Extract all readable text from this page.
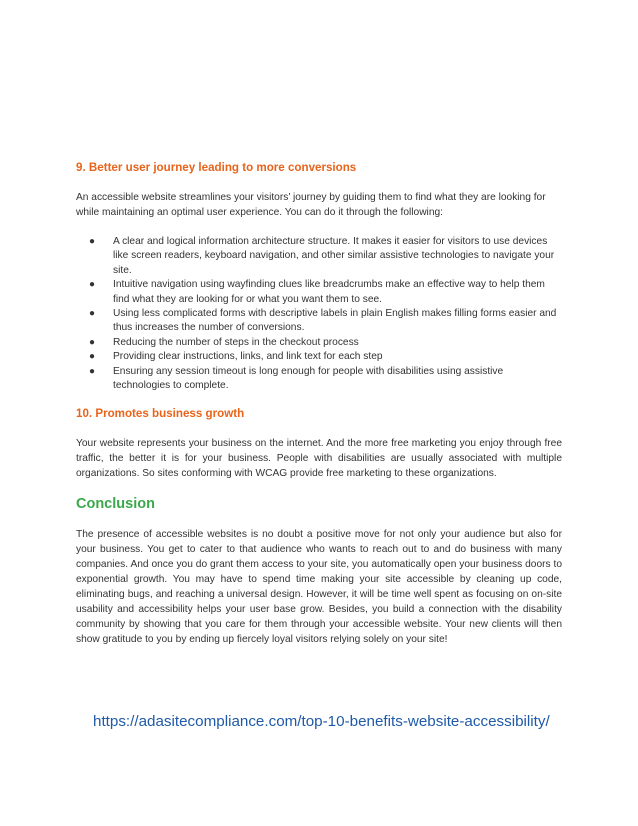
9. Better user journey leading to more conversions

An accessible website streamlines your visitors’ journey by guiding them to find what they are looking for while maintaining an optimal user experience. You can do it through the following:

● A clear and logical information architecture structure. It makes it easier for visitors to use devices like screen readers, keyboard navigation, and other similar assistive technologies to navigate your site.
● Intuitive navigation using wayfinding clues like breadcrumbs make an effective way to help them find what they are looking for or what you want them to see.
● Using less complicated forms with descriptive labels in plain English makes filling forms easier and thus increases the number of conversions.
● Reducing the number of steps in the checkout process
● Providing clear instructions, links, and link text for each step
● Ensuring any session timeout is long enough for people with disabilities using assistive technologies to complete.
10. Promotes business growth

Your website represents your business on the internet. And the more free marketing you enjoy through free traffic, the better it is for your business. People with disabilities are usually associated with multiple organizations. So sites conforming with WCAG provide free marketing to these organizations.

Conclusion

The presence of accessible websites is no doubt a positive move for not only your audience but also for your business. You get to cater to that audience who wants to reach out to and do business with many companies. And once you do grant them access to your site, you automatically open your business doors to exponential growth. You may have to spend time making your site accessible by cleaning up code, eliminating bugs, and reaching a universal design. However, it will be time well spent as focusing on on-site usability and accessibility helps your user base grow. Besides, you build a connection with the disability community by showing that you care for them through your accessible website. Your new clients will then show gratitude to you by ending up fiercely loyal visitors relying solely on your site!

https://adasitecompliance.com/top-10-benefits-website-accessibility/
